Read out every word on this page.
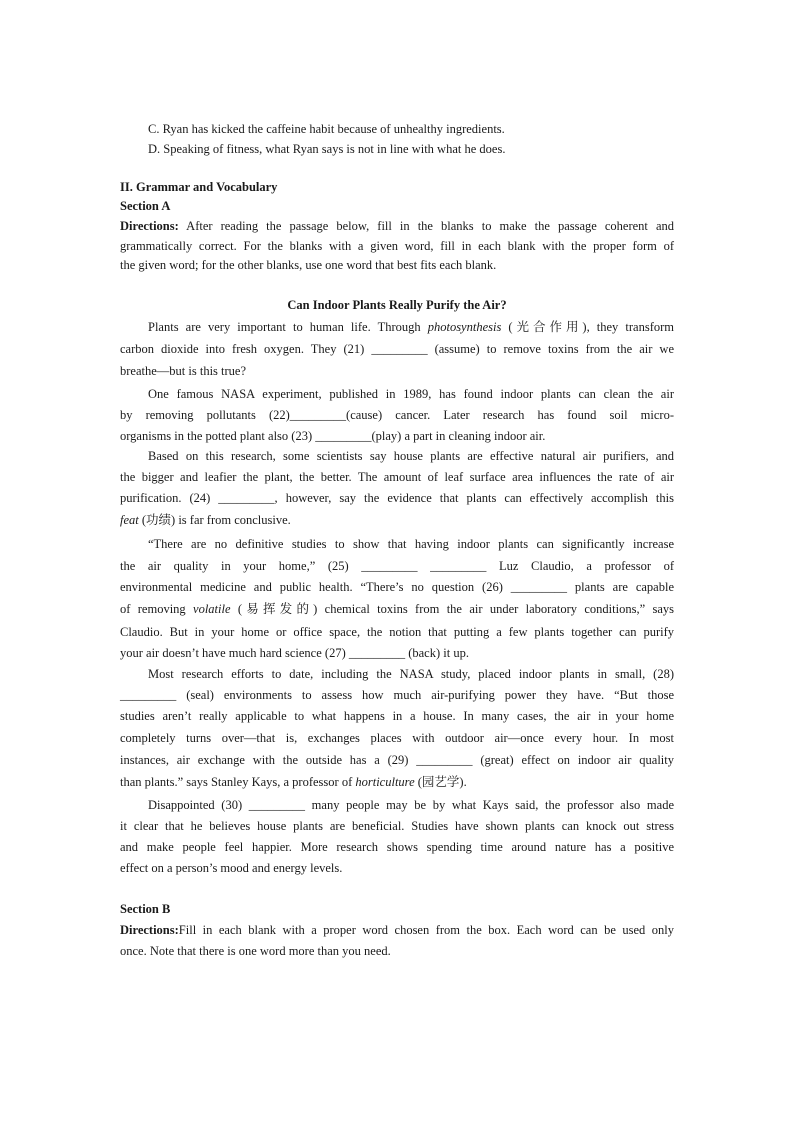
C. Ryan has kicked the caffeine habit because of unhealthy ingredients.
D. Speaking of fitness, what Ryan says is not in line with what he does.
II. Grammar and Vocabulary
Section A
Directions: After reading the passage below, fill in the blanks to make the passage coherent and
grammatically correct. For the blanks with a given word, fill in each blank with the proper form of
the given word; for the other blanks, use one word that best fits each blank.
Can Indoor Plants Really Purify the Air?
Plants are very important to human life. Through photosynthesis (光合作用), they transform
carbon dioxide into fresh oxygen. They (21) _________ (assume) to remove toxins from the air we
breathe—but is this true?
One famous NASA experiment, published in 1989, has found indoor plants can clean the air
by removing pollutants (22)_________(cause) cancer. Later research has found soil micro-
organisms in the potted plant also (23) _________(play) a part in cleaning indoor air.
Based on this research, some scientists say house plants are effective natural air purifiers, and
the bigger and leafier the plant, the better. The amount of leaf surface area influences the rate of air
purification. (24) _________, however, say the evidence that plants can effectively accomplish this
feat (功绩) is far from conclusive.
“There are no definitive studies to show that having indoor plants can significantly increase
the air quality in your home,” (25) _________ _________ Luz Claudio, a professor of
environmental medicine and public health. “There’s no question (26) _________ plants are capable
of removing volatile (易挥发的) chemical toxins from the air under laboratory conditions,” says
Claudio. But in your home or office space, the notion that putting a few plants together can purify
your air doesn’t have much hard science (27) _________ (back) it up.
Most research efforts to date, including the NASA study, placed indoor plants in small, (28)
_________ (seal) environments to assess how much air-purifying power they have. “But those
studies aren’t really applicable to what happens in a house. In many cases, the air in your home
completely turns over—that is, exchanges places with outdoor air—once every hour. In most
instances, air exchange with the outside has a (29) _________ (great) effect on indoor air quality
than plants.” says Stanley Kays, a professor of horticulture (园艺学).
Disappointed (30) _________ many people may be by what Kays said, the professor also made
it clear that he believes house plants are beneficial. Studies have shown plants can knock out stress
and make people feel happier. More research shows spending time around nature has a positive
effect on a person’s mood and energy levels.
Section B
Directions:Fill in each blank with a proper word chosen from the box. Each word can be used only
once. Note that there is one word more than you need.
